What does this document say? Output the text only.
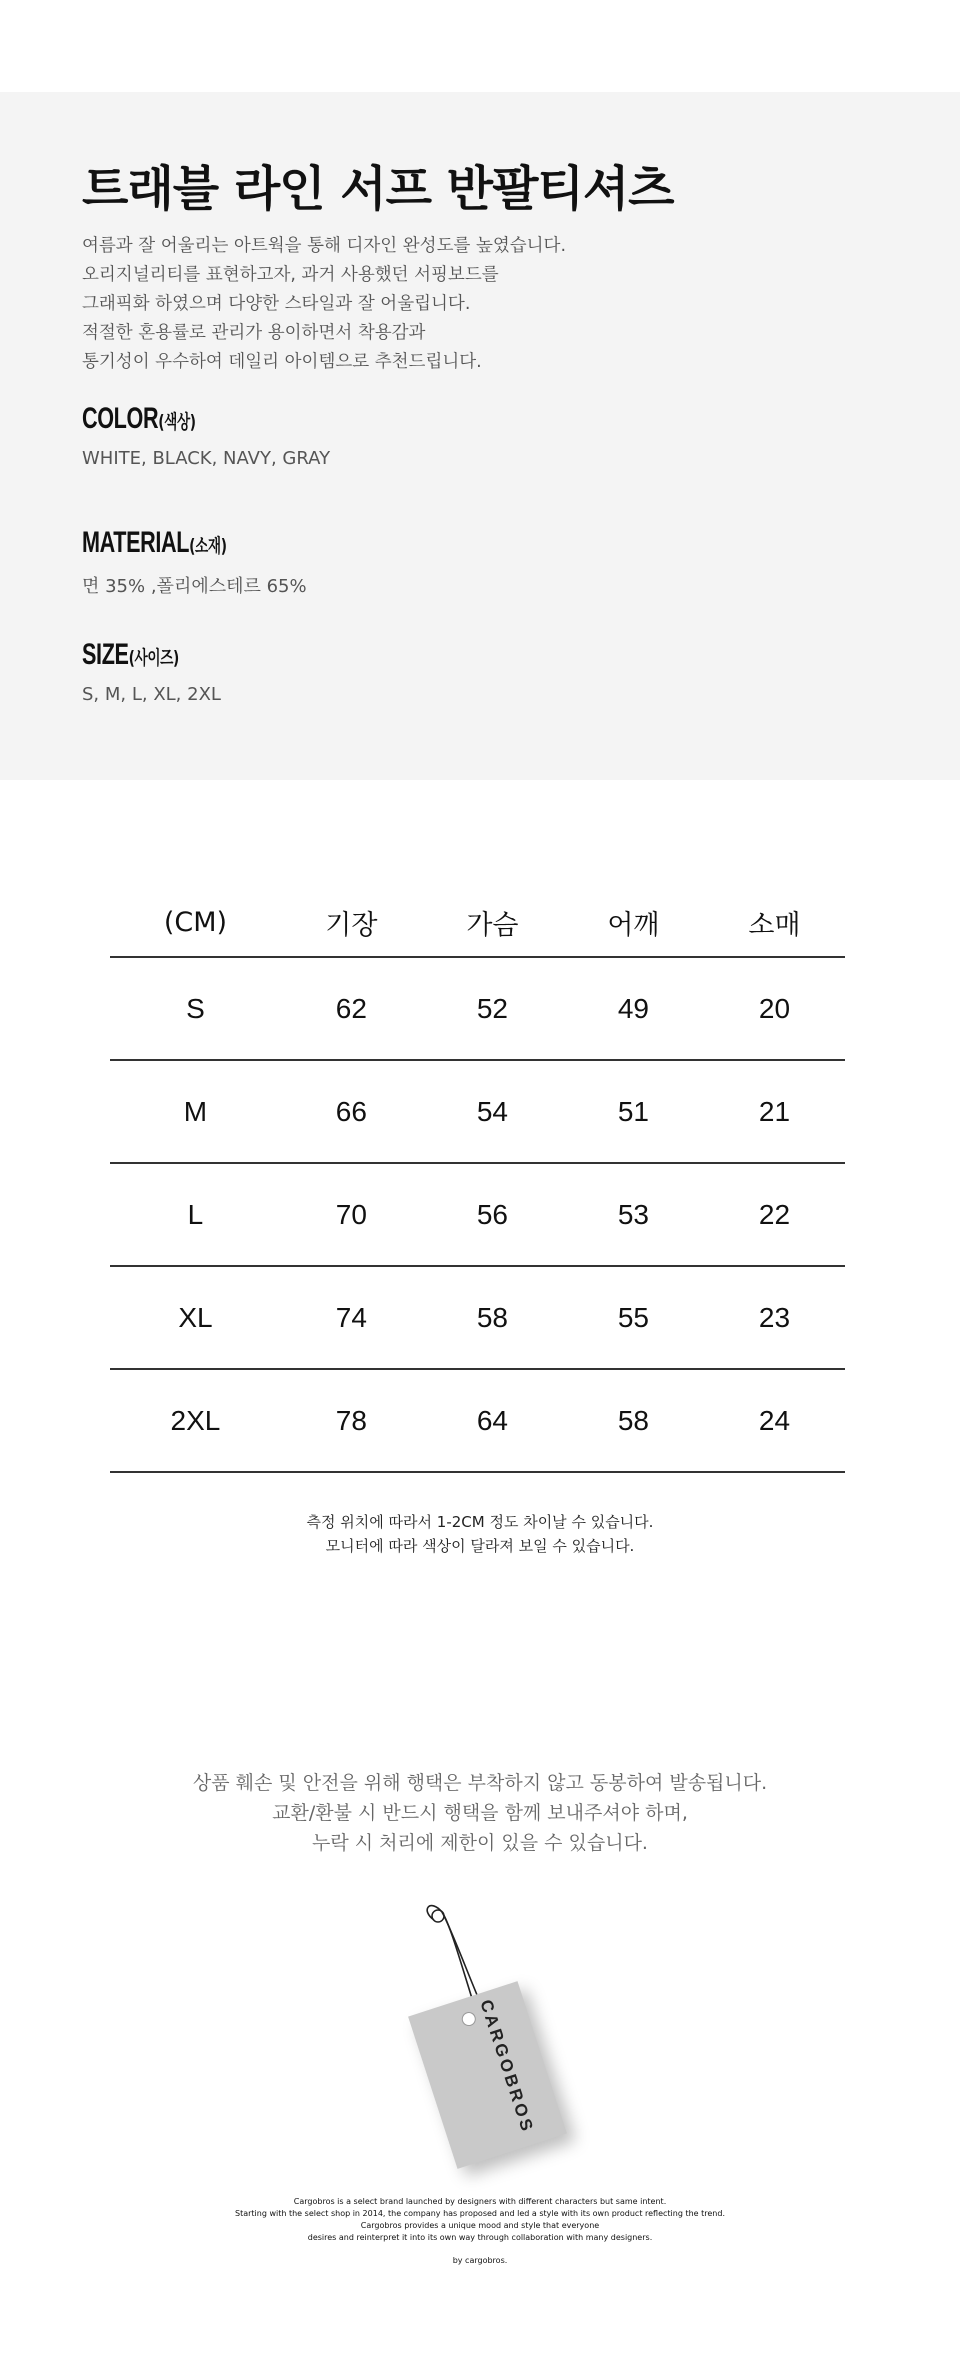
트래블 라인 서프 반팔티셔츠
여름과 잘 어울리는 아트웍을 통해 디자인 완성도를 높였습니다.
오리지널리티를 표현하고자, 과거 사용했던 서핑보드를
그래픽화 하였으며 다양한 스타일과 잘 어울립니다.
적절한 혼용률로 관리가 용이하면서 착용감과
통기성이 우수하여 데일리 아이템으로 추천드립니다.
COLOR(색상)
WHITE, BLACK, NAVY, GRAY
MATERIAL(소재)
면 35% ,폴리에스테르 65%
SIZE(사이즈)
S, M, L, XL, 2XL
(CM)	기장	가슴	어깨	소매
S	62	52	49	20
M	66	54	51	21
L	70	56	53	22
XL	74	58	55	23
2XL	78	64	58	24
측정 위치에 따라서 1-2CM 정도 차이날 수 있습니다.
모니터에 따라 색상이 달라져 보일 수 있습니다.
상품 훼손 및 안전을 위해 행택은 부착하지 않고 동봉하여 발송됩니다.
교환/환불 시 반드시 행택을 함께 보내주셔야 하며,
누락 시 처리에 제한이 있을 수 있습니다.
CARGOBROS
Cargobros is a select brand launched by designers with different characters but same intent.
Starting with the select shop in 2014, the company has proposed and led a style with its own product reflecting the trend.
Cargobros provides a unique mood and style that everyone
desires and reinterpret it into its own way through collaboration with many designers.
by cargobros.
